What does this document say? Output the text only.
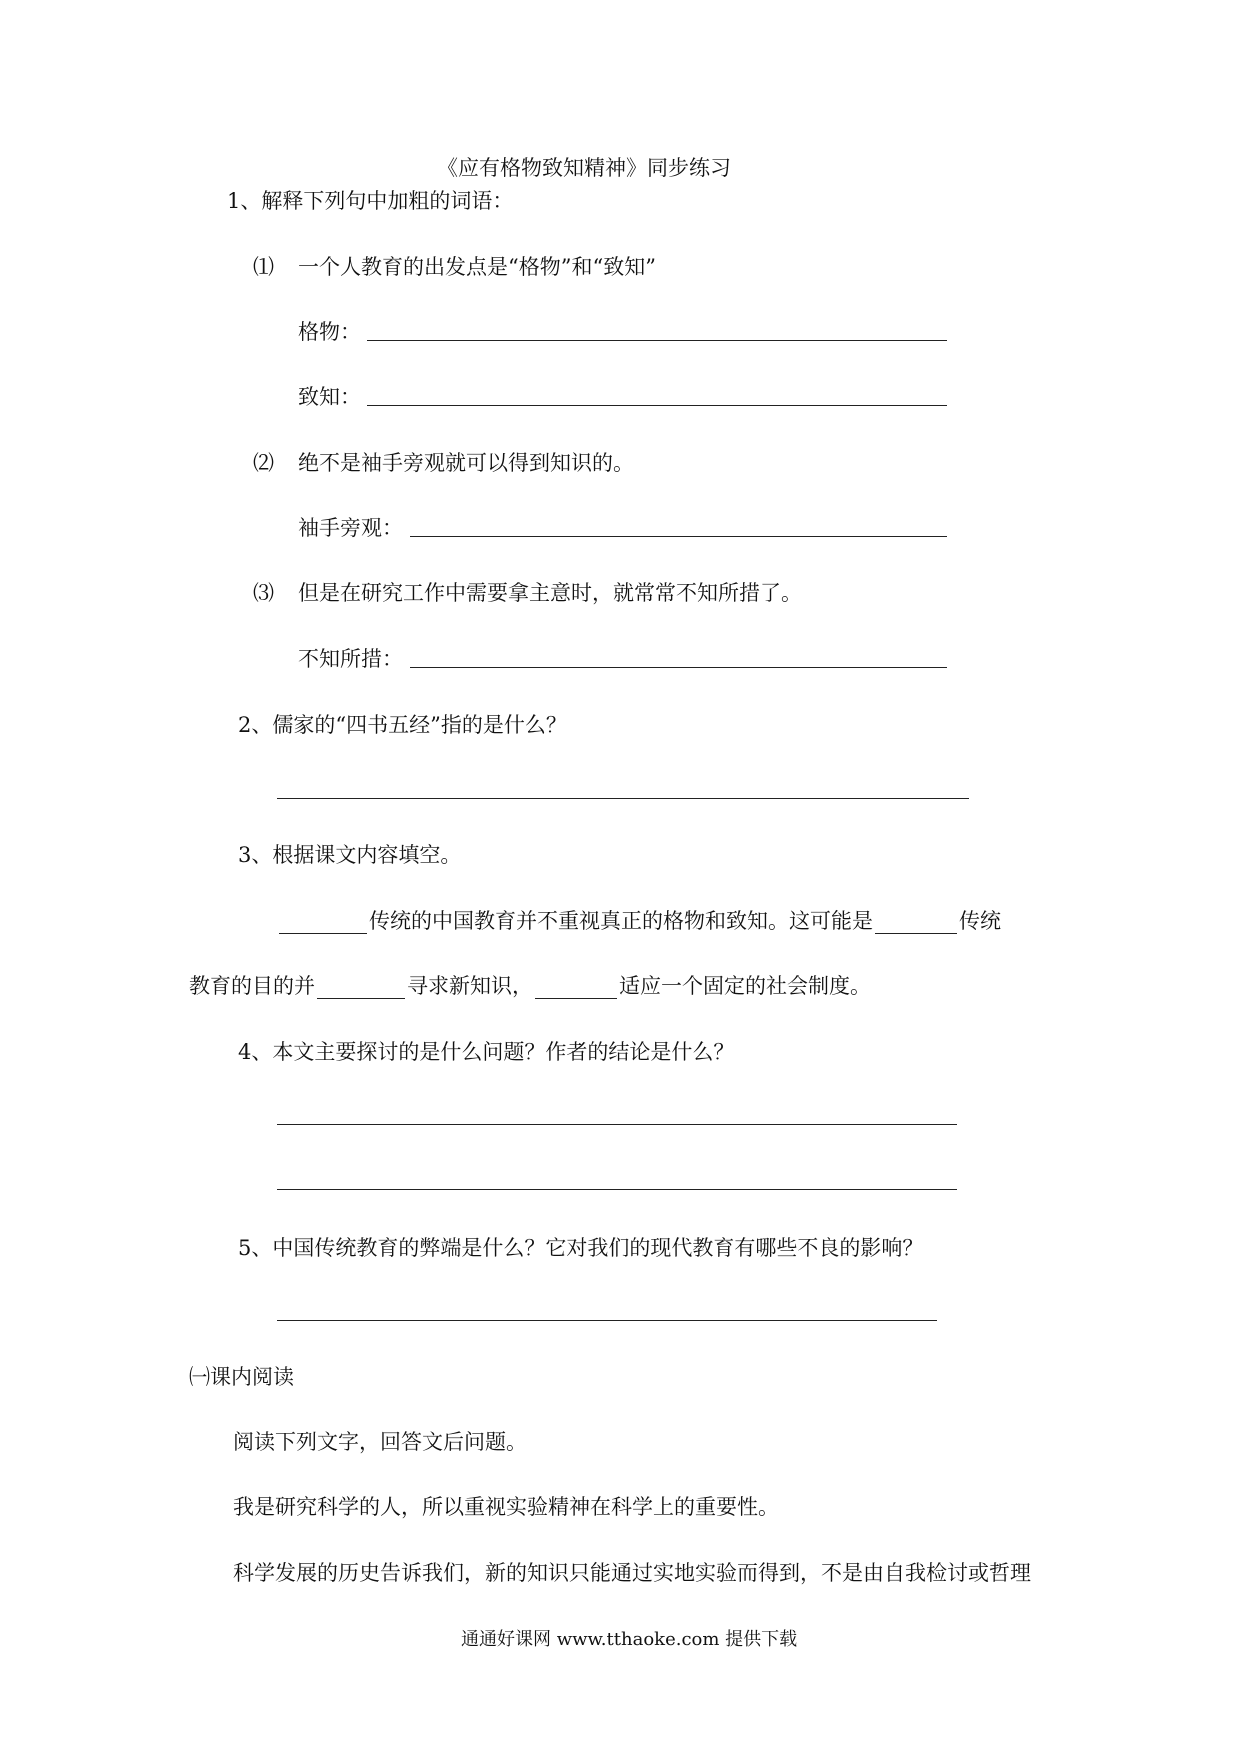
《应有格物致知精神》同步练习
1、解释下列句中加粗的词语：
⑴ 一个人教育的出发点是“格物”和“致知”
格物：
致知：
⑵ 绝不是袖手旁观就可以得到知识的。
袖手旁观：
⑶ 但是在研究工作中需要拿主意时，就常常不知所措了。
不知所措：
2、儒家的“四书五经”指的是什么？
3、根据课文内容填空。
传统的中国教育并不重视真正的格物和致知。这可能是	传统
教育的目的并	寻求新知识，	适应一个固定的社会制度。
4、本文主要探讨的是什么问题？作者的结论是什么？
5、中国传统教育的弊端是什么？它对我们的现代教育有哪些不良的影响？
㈠课内阅读
阅读下列文字，回答文后问题。
我是研究科学的人，所以重视实验精神在科学上的重要性。
科学发展的历史告诉我们，新的知识只能通过实地实验而得到，不是由自我检讨或哲理
通通好课网 www.tthaoke.com 提供下载
